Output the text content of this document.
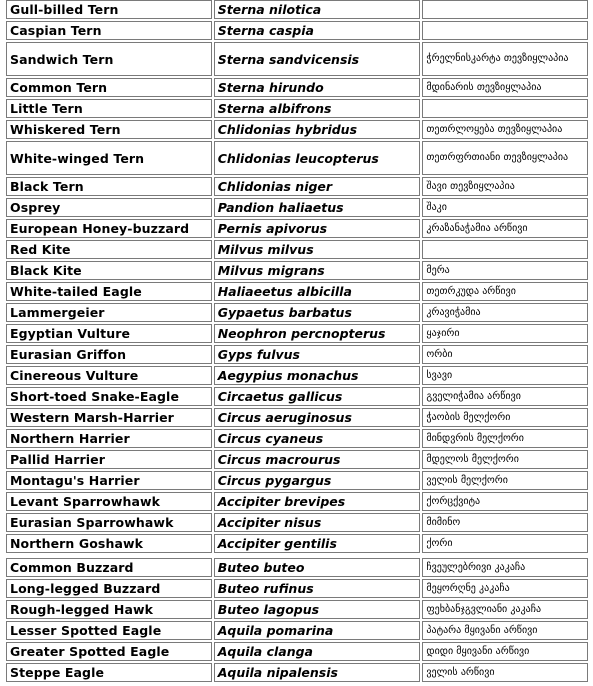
Gull-billed Tern	Sterna nilotica	
Caspian Tern	Sterna caspia	
Sandwich Tern	Sterna sandvicensis	ჭრელნისკარტა თევზიყლაპია
Common Tern	Sterna hirundo	მდინარის თევზიყლაპია
Little Tern	Sterna albifrons	
Whiskered Tern	Chlidonias hybridus	თეთრლოყება თევზიყლაპია
White-winged Tern	Chlidonias leucopterus	თეთრფრთიანი თევზიყლაპია
Black Tern	Chlidonias niger	შავი თევზიყლაპია
Osprey	Pandion haliaetus	შაკი
European Honey-buzzard	Pernis apivorus	კრაზანაჭამია არწივი
Red Kite	Milvus milvus	
Black Kite	Milvus migrans	მერა
White-tailed Eagle	Haliaeetus albicilla	თეთრკუდა არწივი
Lammergeier	Gypaetus barbatus	კრავიჭამია
Egyptian Vulture	Neophron percnopterus	ყაჯირი
Eurasian Griffon	Gyps fulvus	ორბი
Cinereous Vulture	Aegypius monachus	სვავი
Short-toed Snake-Eagle	Circaetus gallicus	გველიჭამია არწივი
Western Marsh-Harrier	Circus aeruginosus	ჭაობის მელქორი
Northern Harrier	Circus cyaneus	მინდვრის მელქორი
Pallid Harrier	Circus macrourus	მდელოს მელქორი
Montagu's Harrier	Circus pygargus	ველის მელქორი
Levant Sparrowhawk	Accipiter brevipes	ქორცქვიტა
Eurasian Sparrowhawk	Accipiter nisus	მიმინო
Northern Goshawk	Accipiter gentilis	ქორი
Common Buzzard	Buteo buteo	ჩვეულებრივი კაკაჩა
Long-legged Buzzard	Buteo rufinus	მეყორღნე კაკაჩა
Rough-legged Hawk	Buteo lagopus	ფეხბანჯგვლიანი კაკაჩა
Lesser Spotted Eagle	Aquila pomarina	პატარა მყივანი არწივი
Greater Spotted Eagle	Aquila clanga	დიდი მყივანი არწივი
Steppe Eagle	Aquila nipalensis	ველის არწივი
